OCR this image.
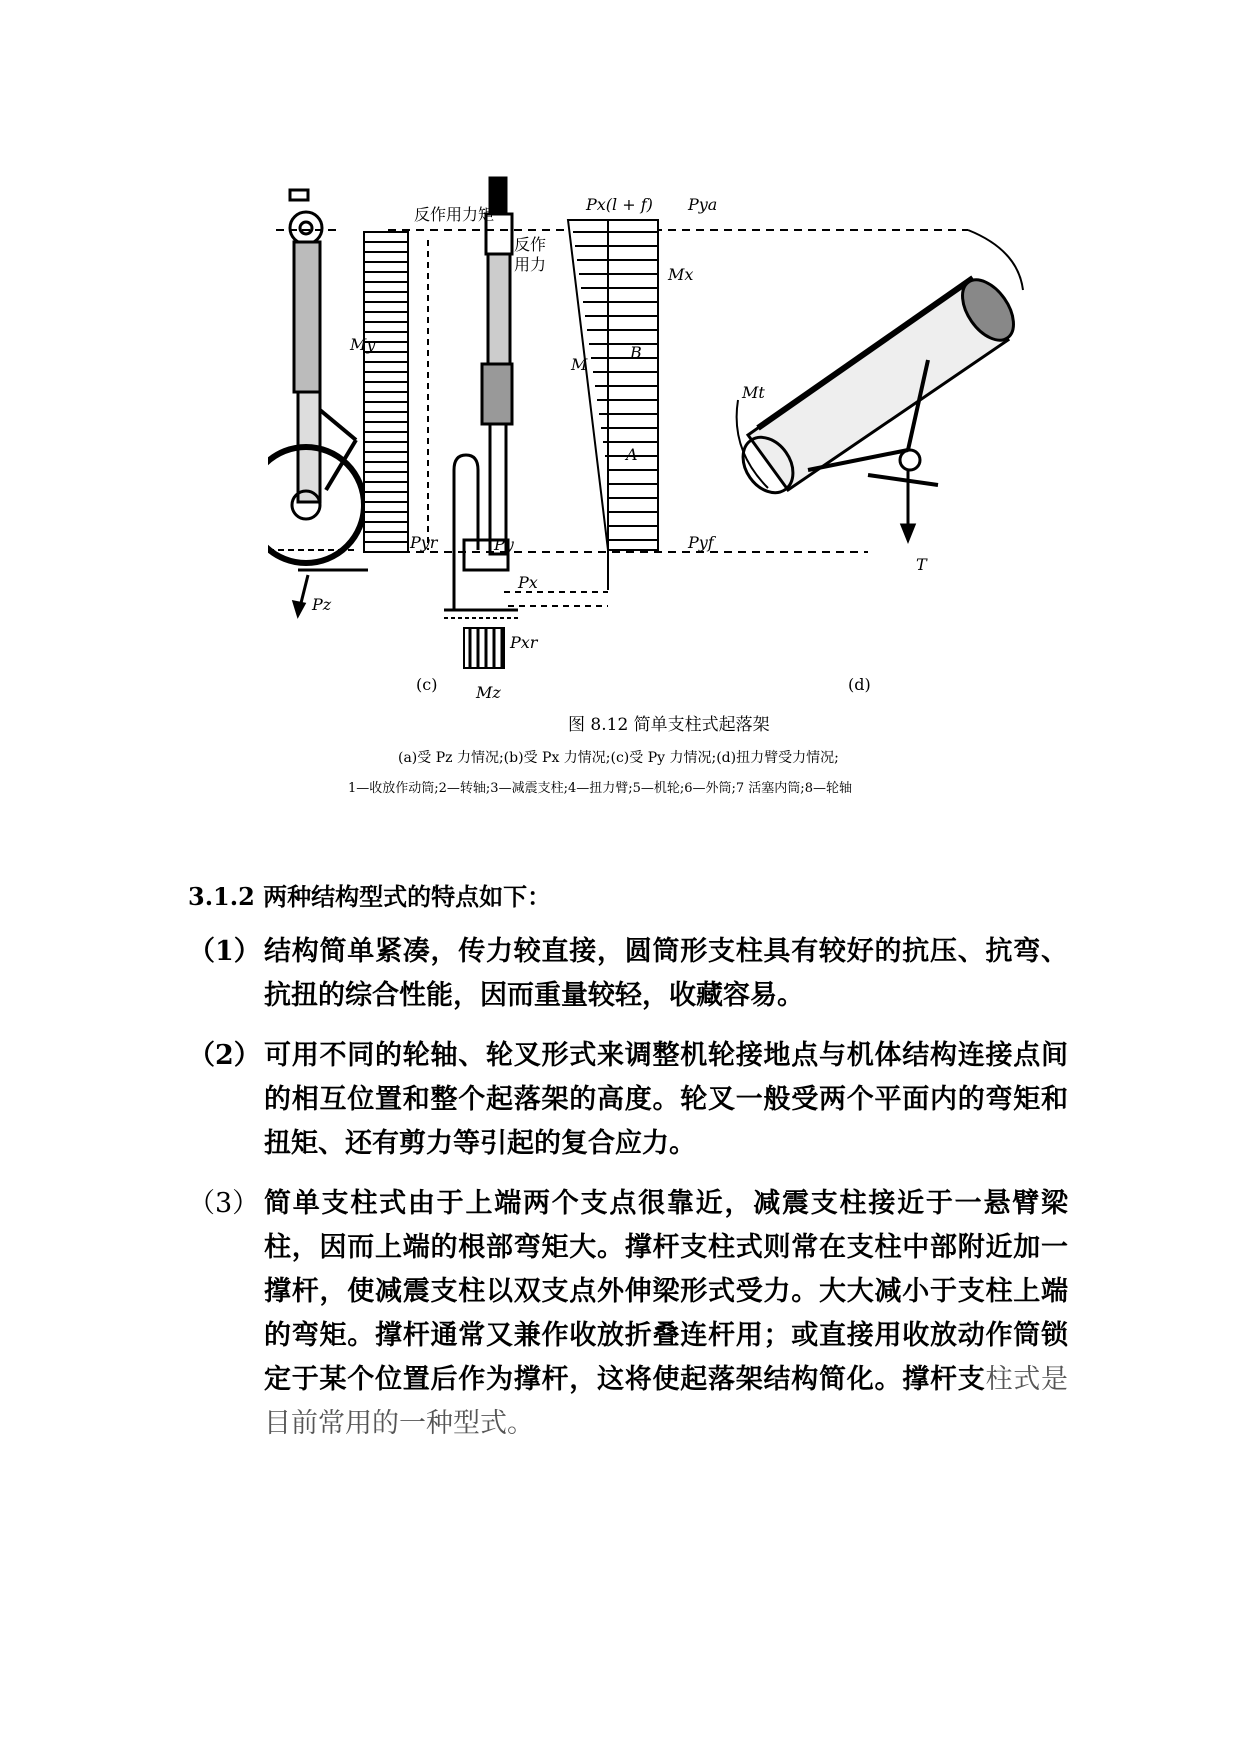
My
反作用力矩
反作 用力
Px(l + f) Pya
Mx
M
B
A
Pyr	Pyf
Py
Px
Pxr
Pz
Mz
(c)
Mt
T
(d)
图 8.12 简单支柱式起落架
(a)受 Pz 力情况;(b)受 Px 力情况;(c)受 Py 力情况;(d)扭力臂受力情况;
1—收放作动筒;2—转轴;3—减震支柱;4—扭力臂;5—机轮;6—外筒;7 活塞内筒;8—轮轴
3.1.2 两种结构型式的特点如下：
（1） 结构简单紧凑，传力较直接，圆筒形支柱具有较好的抗压、抗弯、抗扭的综合性能，因而重量较轻，收藏容易。
（2） 可用不同的轮轴、轮叉形式来调整机轮接地点与机体结构连接点间的相互位置和整个起落架的高度。轮叉一般受两个平面内的弯矩和扭矩、还有剪力等引起的复合应力。
（3） 简单支柱式由于上端两个支点很靠近，减震支柱接近于一悬臂梁柱，因而上端的根部弯矩大。撑杆支柱式则常在支柱中部附近加一撑杆，使减震支柱以双支点外伸梁形式受力。大大减小于支柱上端的弯矩。撑杆通常又兼作收放折叠连杆用；或直接用收放动作筒锁定于某个位置后作为撑杆，这将使起落架结构简化。撑杆支柱式是目前常用的一种型式。
